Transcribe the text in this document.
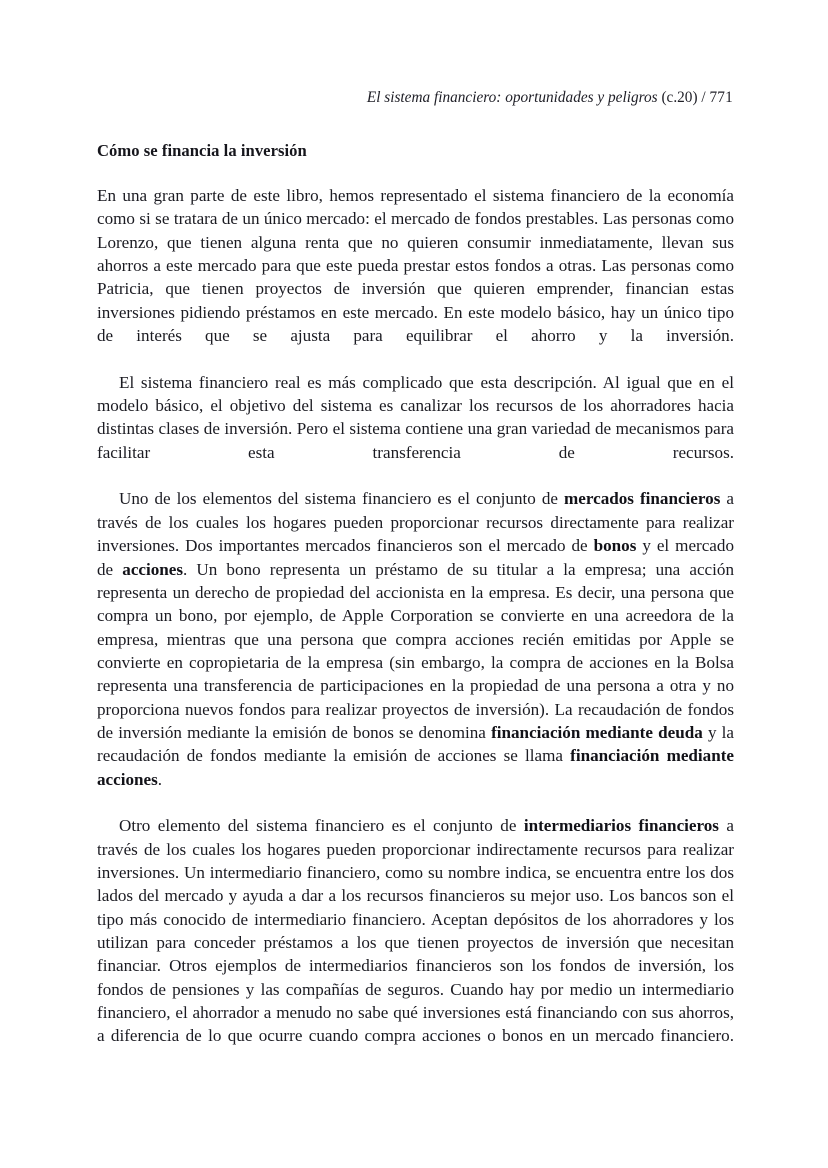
El sistema financiero: oportunidades y peligros (c.20) / 771
Cómo se financia la inversión

En una gran parte de este libro, hemos representado el sistema financiero de la economía como si se tratara de un único mercado: el mercado de fondos prestables. Las personas como Lorenzo, que tienen alguna renta que no quieren consumir inmediatamente, llevan sus ahorros a este mercado para que este pueda prestar estos fondos a otras. Las personas como Patricia, que tienen proyectos de inversión que quieren emprender, financian estas inversiones pidiendo préstamos en este mercado. En este modelo básico, hay un único tipo de interés que se ajusta para equilibrar el ahorro y la inversión.

El sistema financiero real es más complicado que esta descripción. Al igual que en el modelo básico, el objetivo del sistema es canalizar los recursos de los ahorradores hacia distintas clases de inversión. Pero el sistema contiene una gran variedad de mecanismos para facilitar esta transferencia de recursos.

Uno de los elementos del sistema financiero es el conjunto de mercados financieros a través de los cuales los hogares pueden proporcionar recursos directamente para realizar inversiones. Dos importantes mercados financieros son el mercado de bonos y el mercado de acciones. Un bono representa un préstamo de su titular a la empresa; una acción representa un derecho de propiedad del accionista en la empresa. Es decir, una persona que compra un bono, por ejemplo, de Apple Corporation se convierte en una acreedora de la empresa, mientras que una persona que compra acciones recién emitidas por Apple se convierte en copropietaria de la empresa (sin embargo, la compra de acciones en la Bolsa representa una transferencia de participaciones en la propiedad de una persona a otra y no proporciona nuevos fondos para realizar proyectos de inversión). La recaudación de fondos de inversión mediante la emisión de bonos se denomina financiación mediante deuda y la recaudación de fondos mediante la emisión de acciones se llama financiación mediante acciones.

Otro elemento del sistema financiero es el conjunto de intermediarios financieros a través de los cuales los hogares pueden proporcionar indirectamente recursos para realizar inversiones. Un intermediario financiero, como su nombre indica, se encuentra entre los dos lados del mercado y ayuda a dar a los recursos financieros su mejor uso. Los bancos son el tipo más conocido de intermediario financiero. Aceptan depósitos de los ahorradores y los utilizan para conceder préstamos a los que tienen proyectos de inversión que necesitan financiar. Otros ejemplos de intermediarios financieros son los fondos de inversión, los fondos de pensiones y las compañías de seguros. Cuando hay por medio un intermediario financiero, el ahorrador a menudo no sabe qué inversiones está financiando con sus ahorros, a diferencia de lo que ocurre cuando compra acciones o bonos en un mercado financiero.
